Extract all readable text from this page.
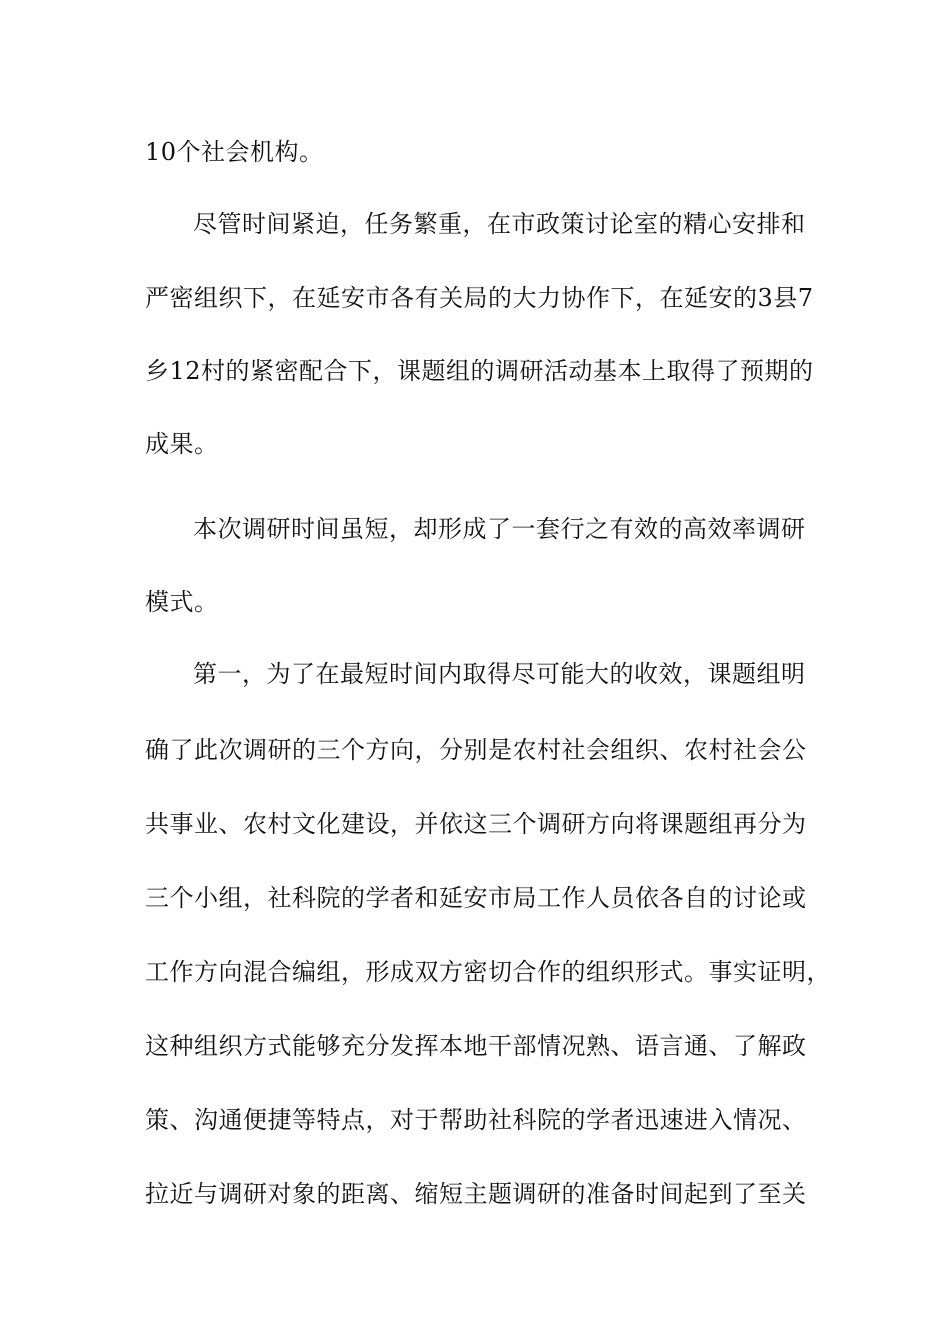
10个社会机构。
尽管时间紧迫，任务繁重，在市政策讨论室的精心安排和
严密组织下，在延安市各有关局的大力协作下，在延安的3县7
乡12村的紧密配合下，课题组的调研活动基本上取得了预期的
成果。
本次调研时间虽短，却形成了一套行之有效的高效率调研
模式。
第一，为了在最短时间内取得尽可能大的收效，课题组明
确了此次调研的三个方向，分别是农村社会组织、农村社会公
共事业、农村文化建设，并依这三个调研方向将课题组再分为
三个小组，社科院的学者和延安市局工作人员依各自的讨论或
工作方向混合编组，形成双方密切合作的组织形式。事实证明，
这种组织方式能够充分发挥本地干部情况熟、语言通、了解政
策、沟通便捷等特点，对于帮助社科院的学者迅速进入情况、
拉近与调研对象的距离、缩短主题调研的准备时间起到了至关
